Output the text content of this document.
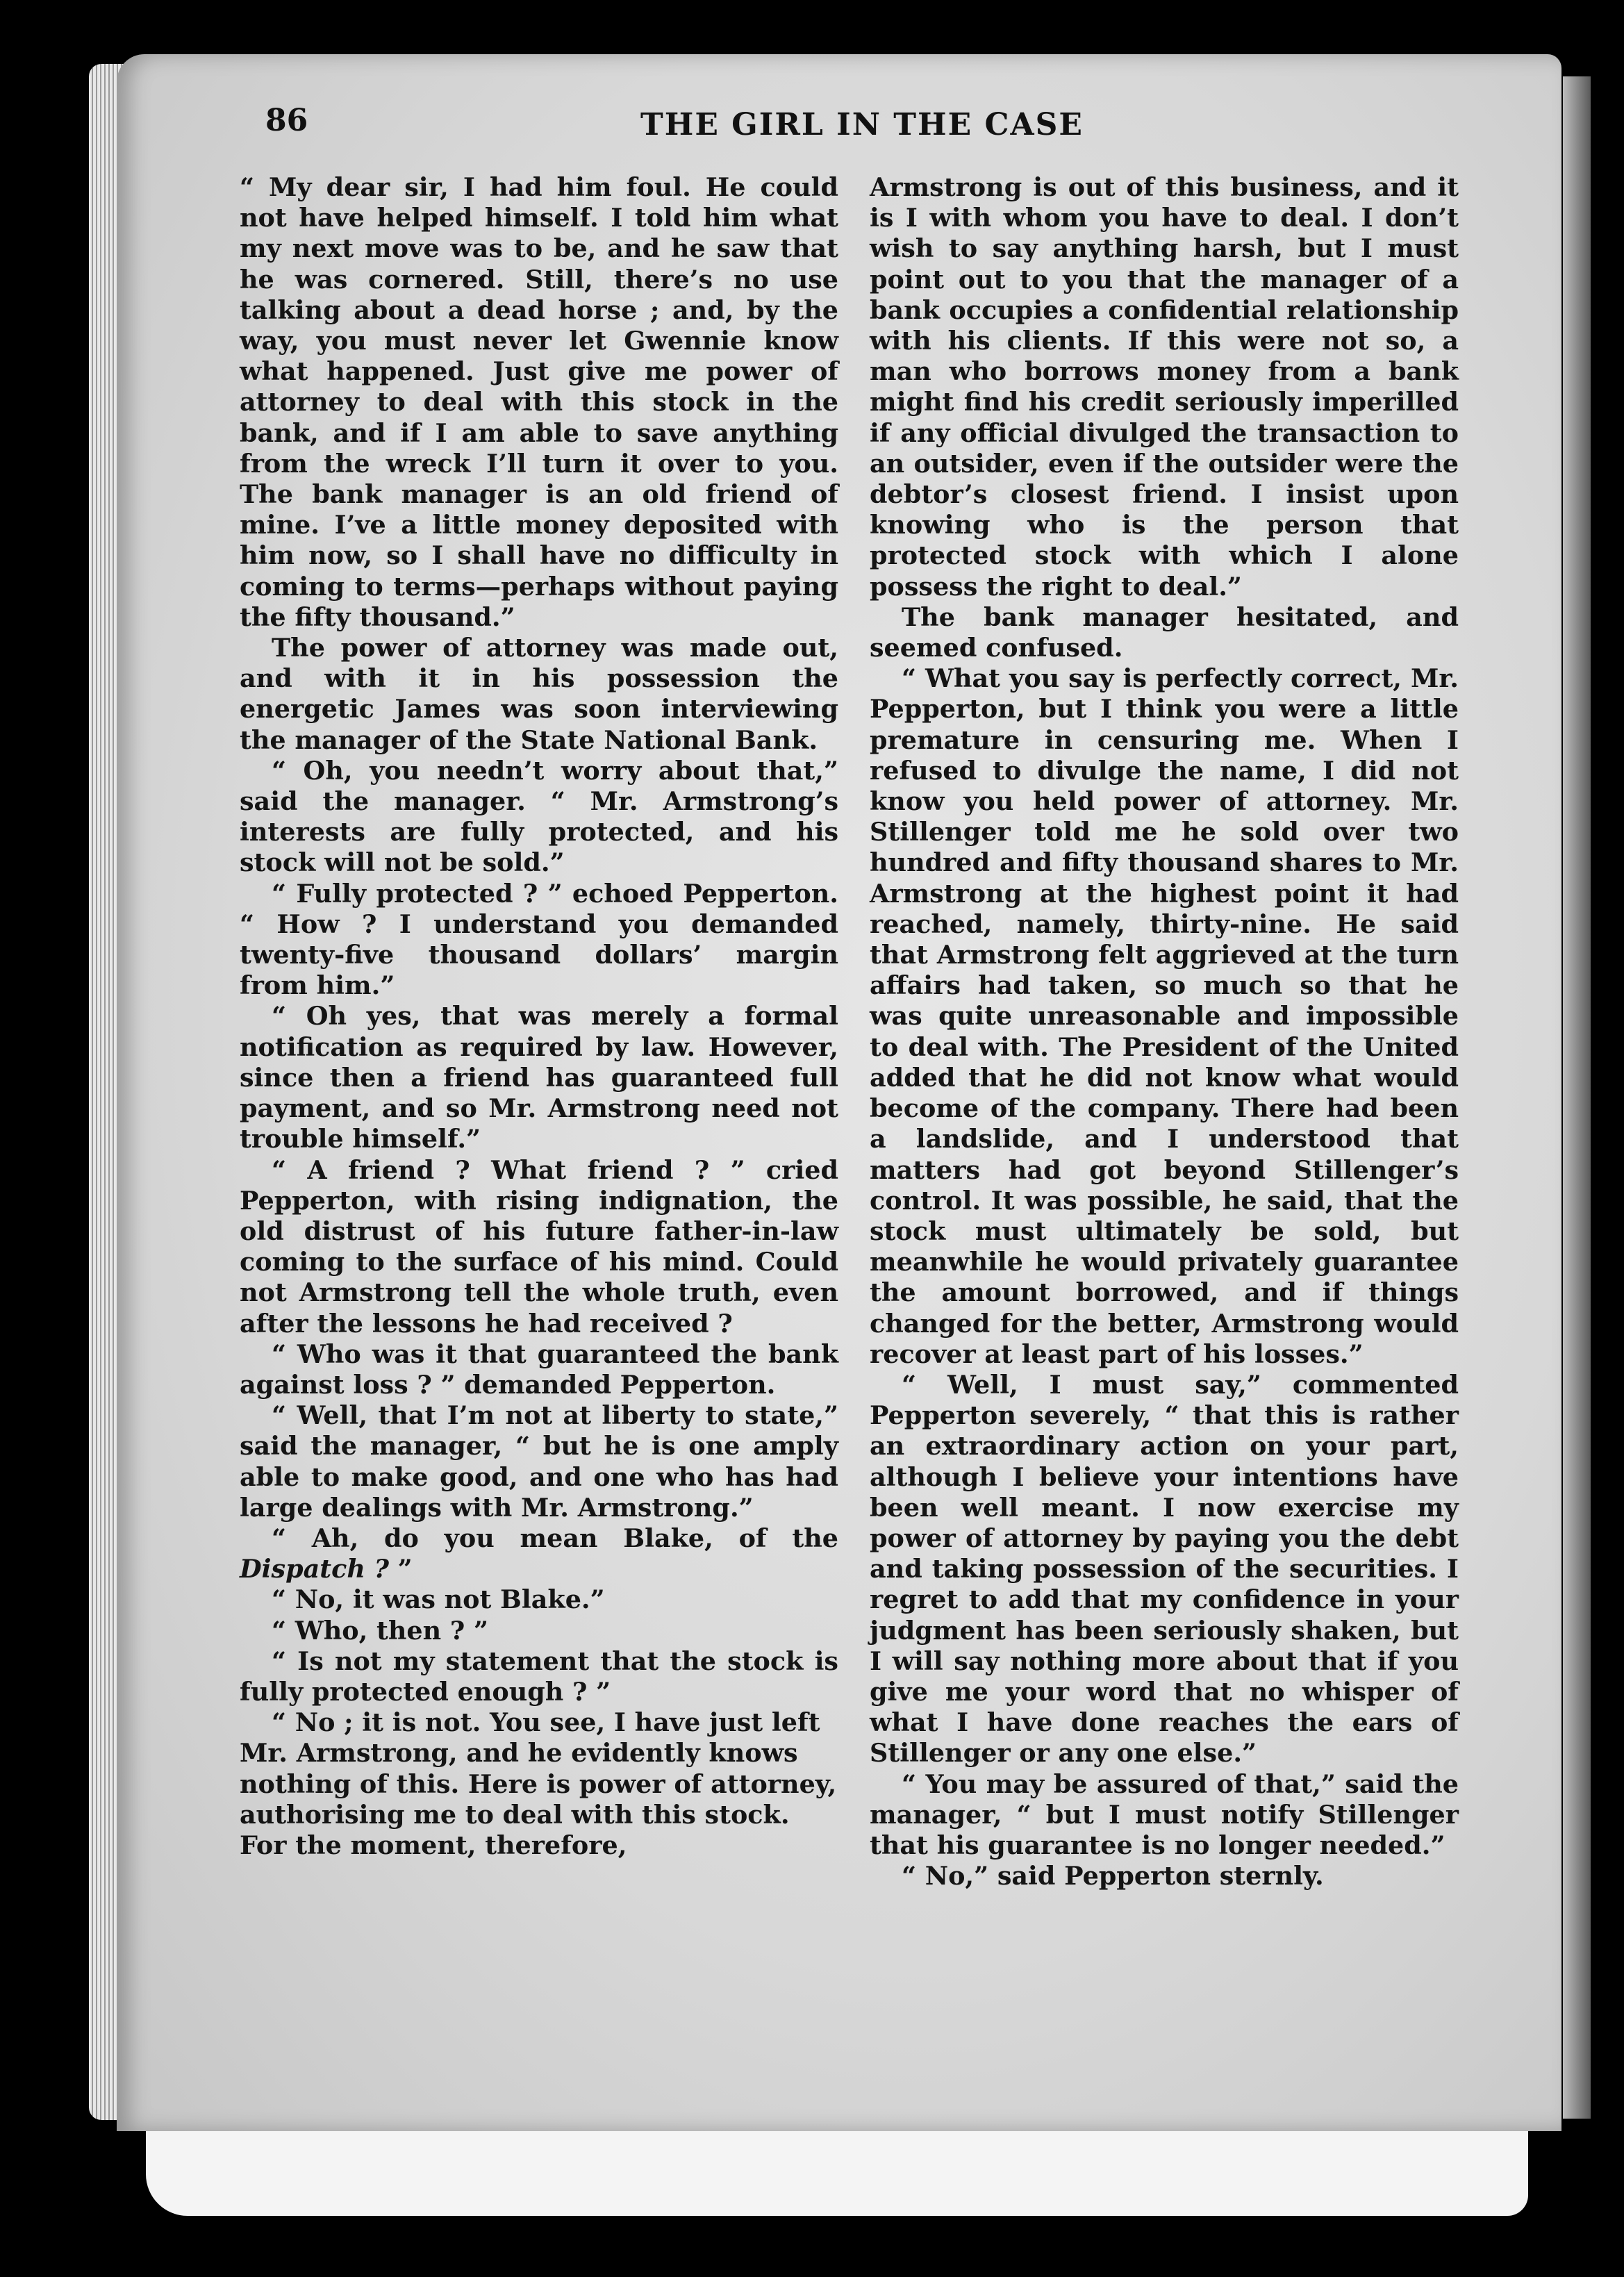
86	THE GIRL IN THE CASE

“ My dear sir, I had him foul. He could not have helped himself. I told him what my next move was to be, and he saw that he was cornered. Still, there’s no use talking about a dead horse ; and, by the way, you must never let Gwennie know what happened. Just give me power of attorney to deal with this stock in the bank, and if I am able to save anything from the wreck I’ll turn it over to you. The bank manager is an old friend of mine. I’ve a little money deposited with him now, so I shall have no difficulty in coming to terms—perhaps without paying the fifty thousand.”

The power of attorney was made out, and with it in his possession the energetic James was soon interviewing the manager of the State National Bank.

“ Oh, you needn’t worry about that,” said the manager. “ Mr. Armstrong’s interests are fully protected, and his stock will not be sold.”

“ Fully protected ? ” echoed Pepperton. “ How ? I understand you demanded twenty-five thousand dollars’ margin from him.”

“ Oh yes, that was merely a formal notification as required by law. However, since then a friend has guaranteed full payment, and so Mr. Armstrong need not trouble himself.”

“ A friend ? What friend ? ” cried Pepperton, with rising indignation, the old distrust of his future father-in-law coming to the surface of his mind. Could not Armstrong tell the whole truth, even after the lessons he had received ?

“ Who was it that guaranteed the bank against loss ? ” demanded Pepperton.

“ Well, that I’m not at liberty to state,” said the manager, “ but he is one amply able to make good, and one who has had large dealings with Mr. Armstrong.”

“ Ah, do you mean Blake, of the Dispatch ? ”

“ No, it was not Blake.”

“ Who, then ? ”

“ Is not my statement that the stock is fully protected enough ? ”

“ No ; it is not. You see, I have just left Mr. Armstrong, and he evidently knows nothing of this. Here is power of attorney, authorising me to deal with this stock. For the moment, therefore,

Armstrong is out of this business, and it is I with whom you have to deal. I don’t wish to say anything harsh, but I must point out to you that the manager of a bank occupies a confidential relationship with his clients. If this were not so, a man who borrows money from a bank might find his credit seriously imperilled if any official divulged the transaction to an outsider, even if the outsider were the debtor’s closest friend. I insist upon knowing who is the person that protected stock with which I alone possess the right to deal.”

The bank manager hesitated, and seemed confused.

“ What you say is perfectly correct, Mr. Pepperton, but I think you were a little premature in censuring me. When I refused to divulge the name, I did not know you held power of attorney. Mr. Stillenger told me he sold over two hundred and fifty thousand shares to Mr. Armstrong at the highest point it had reached, namely, thirty-nine. He said that Armstrong felt aggrieved at the turn affairs had taken, so much so that he was quite unreasonable and impossible to deal with. The President of the United added that he did not know what would become of the company. There had been a landslide, and I understood that matters had got beyond Stillenger’s control. It was possible, he said, that the stock must ultimately be sold, but meanwhile he would privately guarantee the amount borrowed, and if things changed for the better, Armstrong would recover at least part of his losses.”

“ Well, I must say,” commented Pepperton severely, “ that this is rather an extraordinary action on your part, although I believe your intentions have been well meant. I now exercise my power of attorney by paying you the debt and taking possession of the securities. I regret to add that my confidence in your judgment has been seriously shaken, but I will say nothing more about that if you give me your word that no whisper of what I have done reaches the ears of Stillenger or any one else.”

“ You may be assured of that,” said the manager, “ but I must notify Stillenger that his guarantee is no longer needed.”

“ No,” said Pepperton sternly.
